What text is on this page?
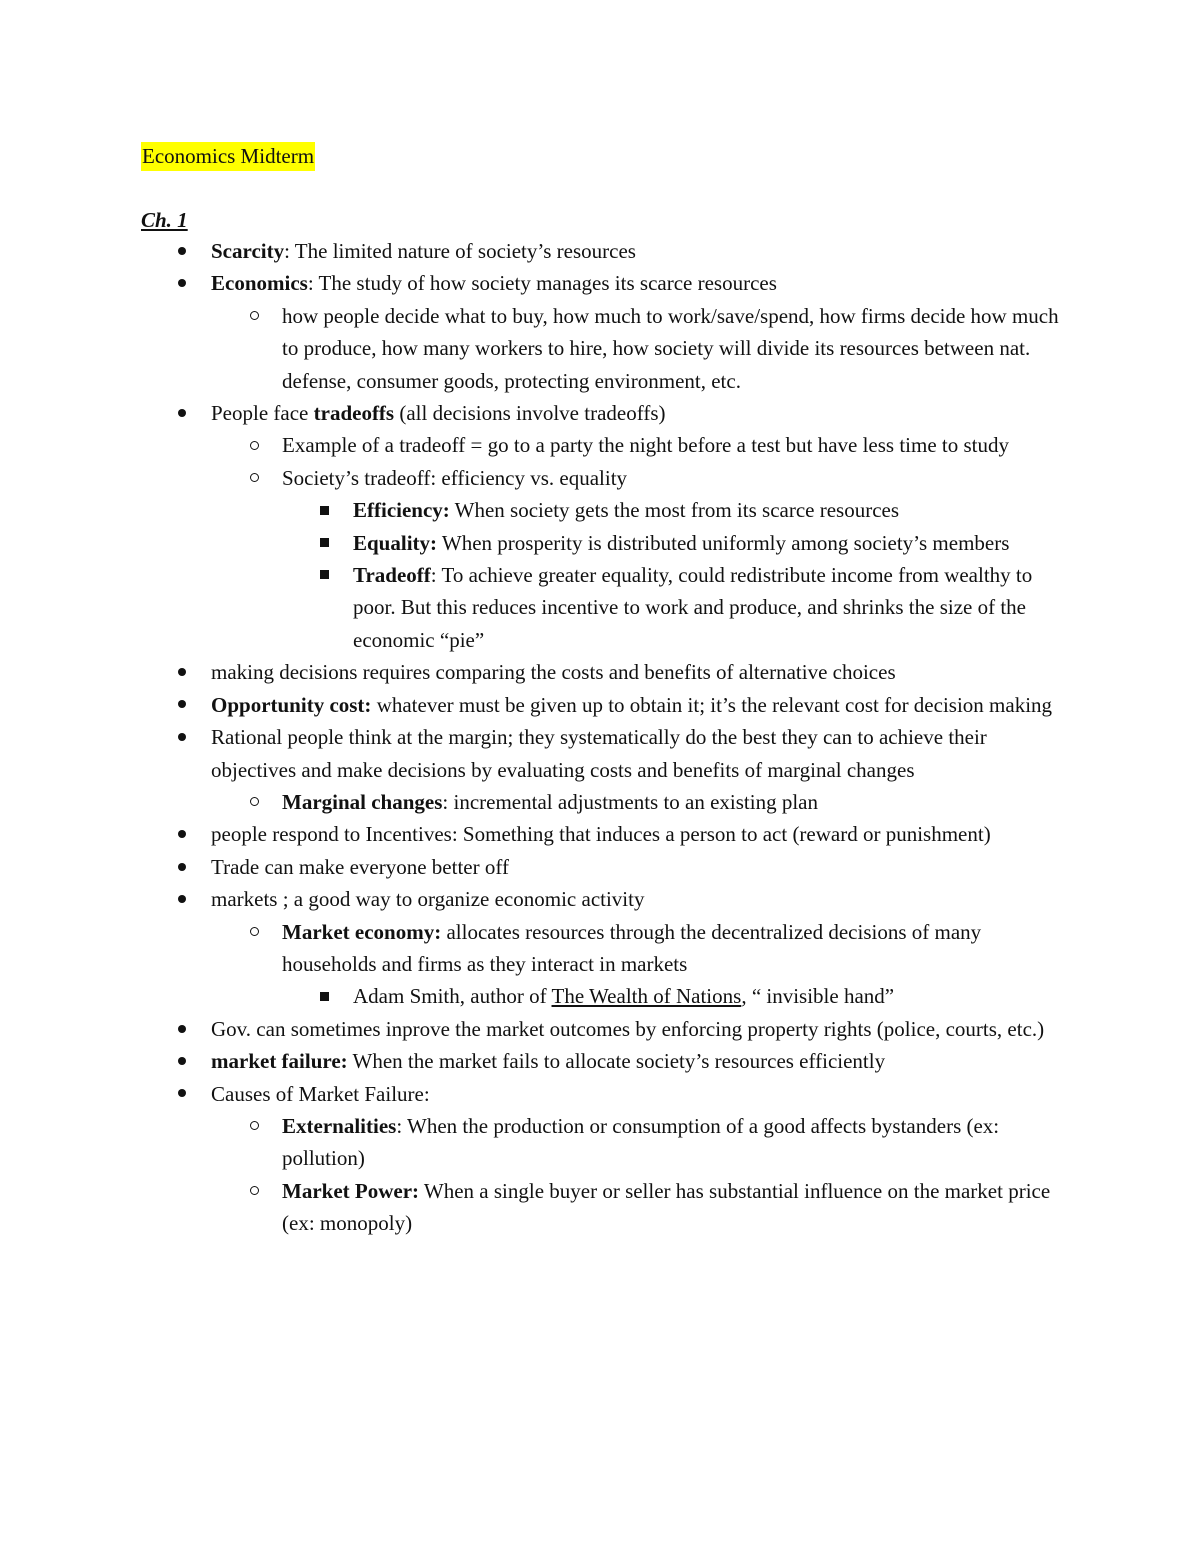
Economics Midterm
Ch. 1
Scarcity: The limited nature of society’s resources
Economics: The study of how society manages its scarce resources
how people decide what to buy, how much to work/save/spend, how firms decide how much to produce, how many workers to hire, how society will divide its resources between nat. defense, consumer goods, protecting environment, etc.
People face tradeoffs (all decisions involve tradeoffs)
Example of a tradeoff = go to a party the night before a test but have less time to study
Society’s tradeoff: efficiency vs. equality
Efficiency: When society gets the most from its scarce resources
Equality: When prosperity is distributed uniformly among society’s members
Tradeoff: To achieve greater equality, could redistribute income from wealthy to poor. But this reduces incentive to work and produce, and shrinks the size of the economic “pie”
making decisions requires comparing the costs and benefits of alternative choices
Opportunity cost: whatever must be given up to obtain it; it’s the relevant cost for decision making
Rational people think at the margin; they systematically do the best they can to achieve their objectives and make decisions by evaluating costs and benefits of marginal changes
Marginal changes: incremental adjustments to an existing plan
people respond to Incentives: Something that induces a person to act (reward or punishment)
Trade can make everyone better off
markets ; a good way to organize economic activity
Market economy: allocates resources through the decentralized decisions of many households and firms as they interact in markets
Adam Smith, author of The Wealth of Nations, “ invisible hand”
Gov. can sometimes inprove the market outcomes by enforcing property rights (police, courts, etc.)
market failure: When the market fails to allocate society’s resources efficiently
Causes of Market Failure:
Externalities: When the production or consumption of a good affects bystanders (ex: pollution)
Market Power: When a single buyer or seller has substantial influence on the market price (ex: monopoly)
